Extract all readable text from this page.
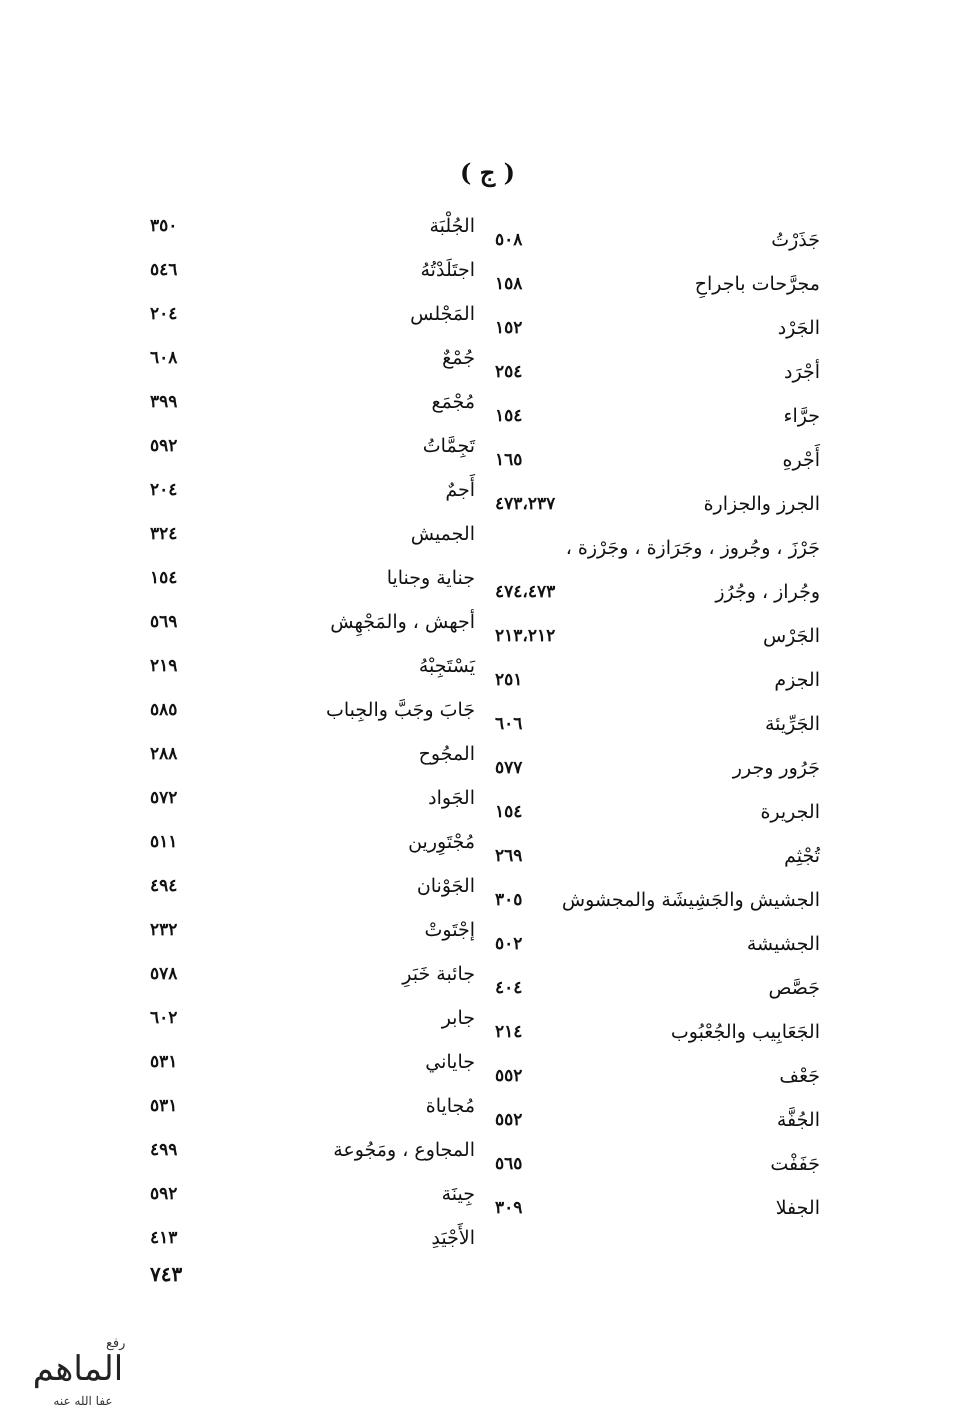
( ج )
جَذَرْتُ
٥٠٨
مجرَّحات باجراحِ
١٥٨
الجَرْد
١٥٢
أجْرَد
٢٥٤
جرَّاء
١٥٤
أَجْرهِ
١٦٥
الجرز والجزارة
٤٧٣،٢٣٧
جَرْزَ ، وجُروز ، وجَرَازة ، وجَرْزة ،
وجُراز ، وجُرُز
٤٧٤،٤٧٣
الجَرْس
٢١٣،٢١٢
الجزم
٢٥١
الجَرِّيئة
٦٠٦
جَرُور وجرر
٥٧٧
الجريرة
١٥٤
تُجْثِم
٢٦٩
الجشيش والجَشِيشَة والمجشوش
٣٠٥
الجشيشة
٥٠٢
جَصَّص
٤٠٤
الجَعَابِيب والجُعْبُوب
٢١٤
جَعْف
٥٥٢
الجُفَّة
٥٥٢
جَفَفْت
٥٦٥
الجفلا
٣٠٩
الجُلْبَة
٣٥٠
اجتَلَدْتُهُ
٥٤٦
المَجْلس
٢٠٤
جُمْعٌ
٦٠٨
مُجْمَع
٣٩٩
تَجِمَّاتُ
٥٩٢
أَجمٌ
٢٠٤
الجميش
٣٢٤
جناية وجنايا
١٥٤
أجهش ، والمَجْهِش
٥٦٩
يَسْتَجِبْهُ
٢١٩
جَابَ وجَبَّ والجِباب
٥٨٥
المجُوح
٢٨٨
الجَواد
٥٧٢
مُجْتَوِرين
٥١١
الجَوْنان
٤٩٤
إجْتَوتْ
٢٣٢
جائبة خَبَرِ
٥٧٨
جابر
٦٠٢
جاياني
٥٣١
مُجاياة
٥٣١
المجاوع ، ومَجُوعة
٤٩٩
جِينَة
٥٩٢
الأَجْيَدِ
٤١٣
٧٤٣
رفع
الماهم
عفا الله عنه
